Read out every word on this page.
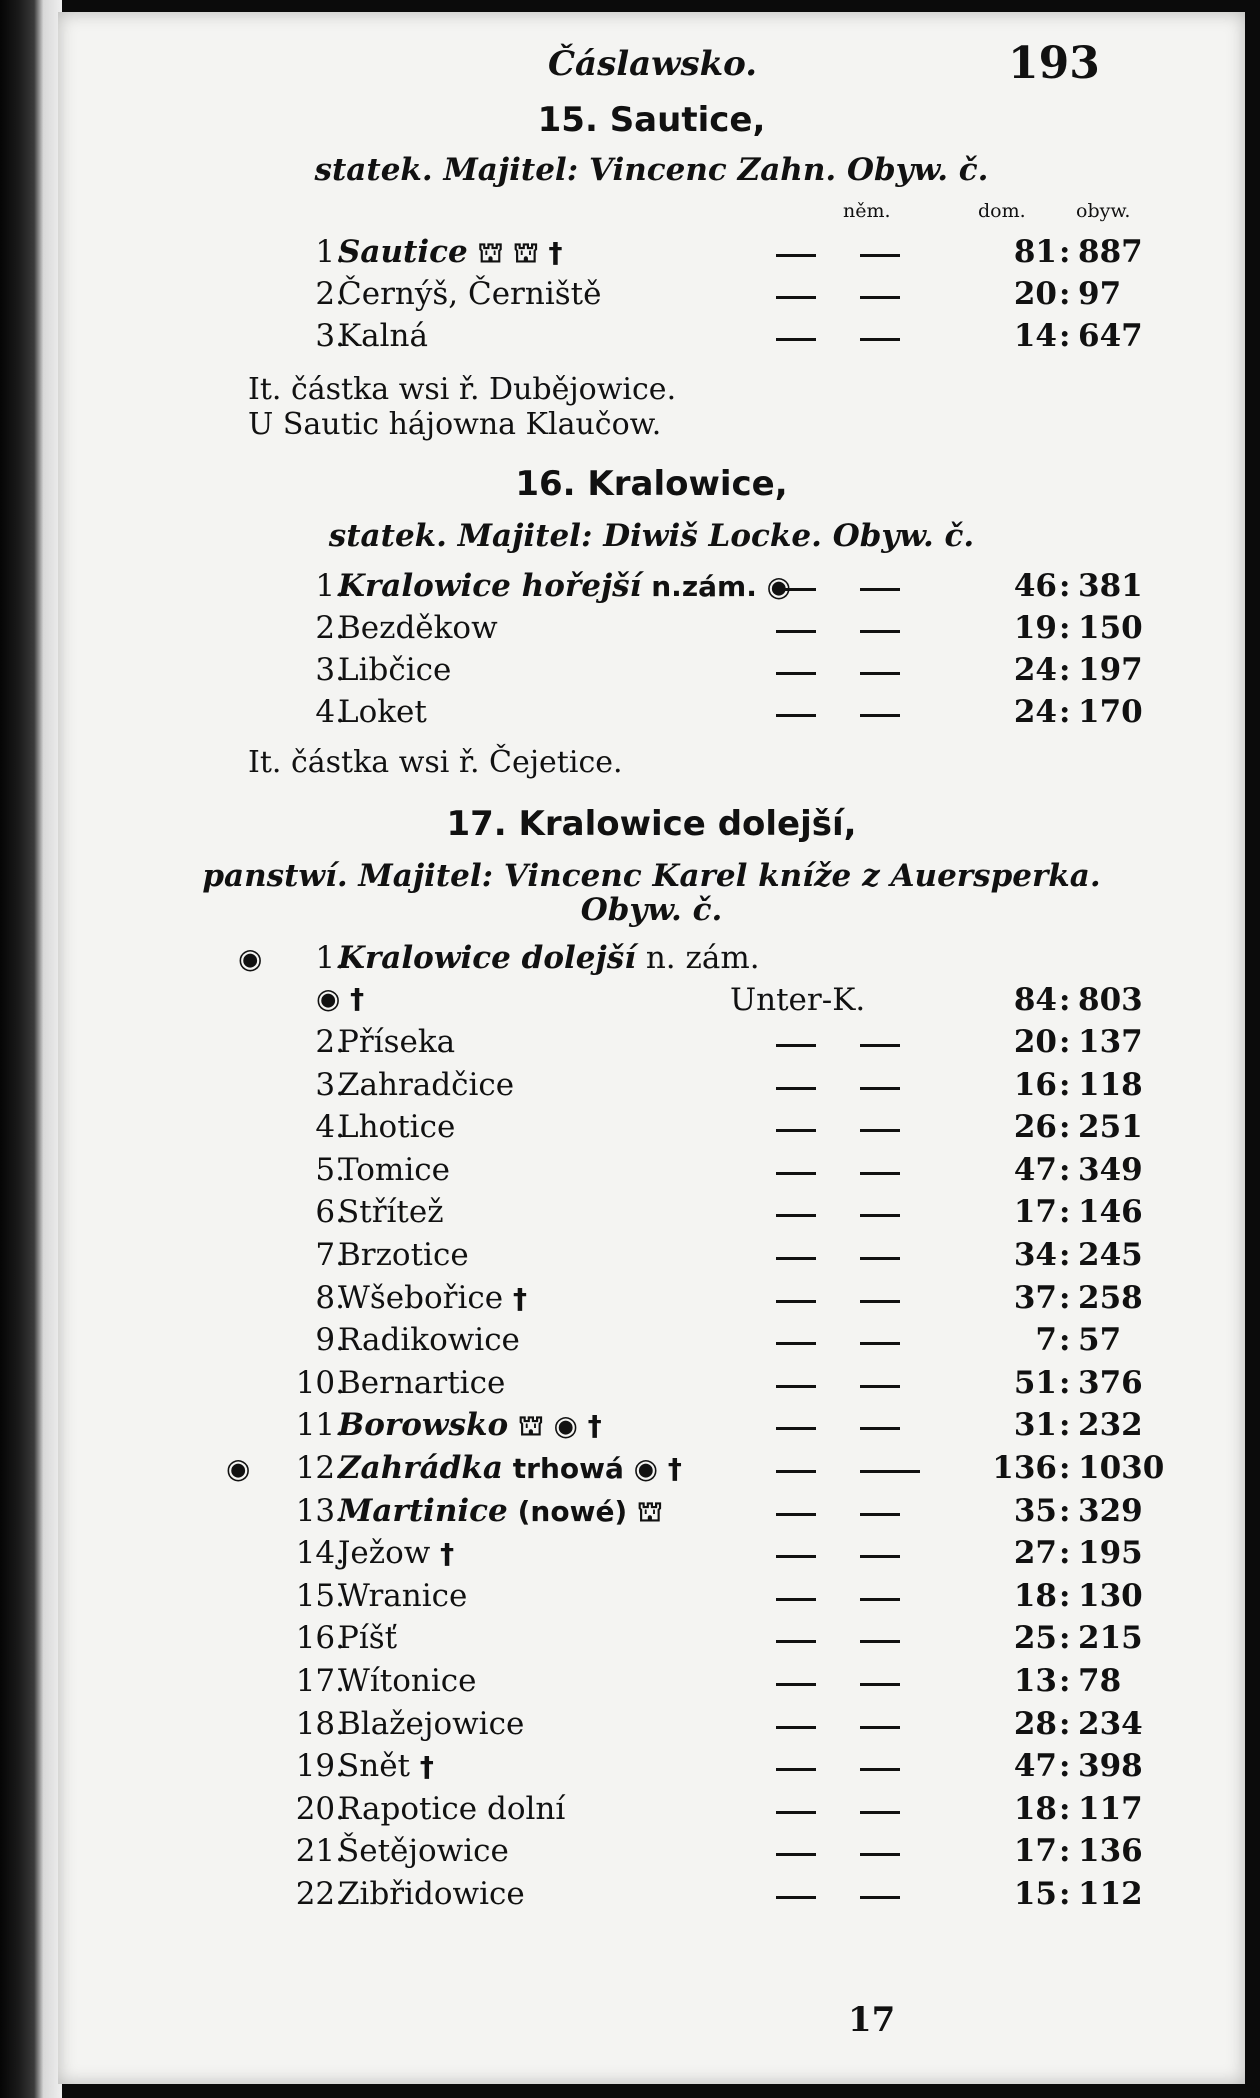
Čáslawsko.	193
15. Sautice,
statek. Majitel: Vincenc Zahn. Obyw. č.
něm.	dom.	obyw.
1.
Sautice ⛫ ⛫ †	81 : 887
2.
Černýš, Černiště	20 : 97
3.
Kalná	14 : 647
It. částka wsi ř. Dubějowice.
U Sautic hájowna Klaučow.
16. Kralowice,
statek. Majitel: Diwiš Locke. Obyw. č.
1.
Kralowice hořejší n.zám. ◉	46 : 381
2.
Bezděkow	19 : 150
3.
Libčice	24 : 197
4.
Loket	24 : 170
It. částka wsi ř. Čejetice.
17. Kralowice dolejší,
panstwí. Majitel: Vincenc Karel kníže z Auersperka.
Obyw. č.
◉ 1.
Kralowice dolejší n. zám.
◉ †	Unter-K.	84 : 803
2.
Příseka	20 : 137
3.
Zahradčice	16 : 118
4.
Lhotice	26 : 251
5.
Tomice	47 : 349
6.
Střítež	17 : 146
7.
Brzotice	34 : 245
8.
Wšebořice †	37 : 258
9.
Radikowice	7 : 57
10.
Bernartice	51 : 376
11.
Borowsko ⛫ ◉ †	31 : 232
◉ 12.
Zahrádka trhowá ◉ †	136 : 1030
13.
Martinice (nowé) ⛫	35 : 329
14.
Ježow †	27 : 195
15.
Wranice	18 : 130
16.
Píšť	25 : 215
17.
Wítonice	13 : 78
18.
Blažejowice	28 : 234
19.
Snět †	47 : 398
20.
Rapotice dolní	18 : 117
21.
Šetějowice	17 : 136
22.
Zibřidowice	15 : 112
17
